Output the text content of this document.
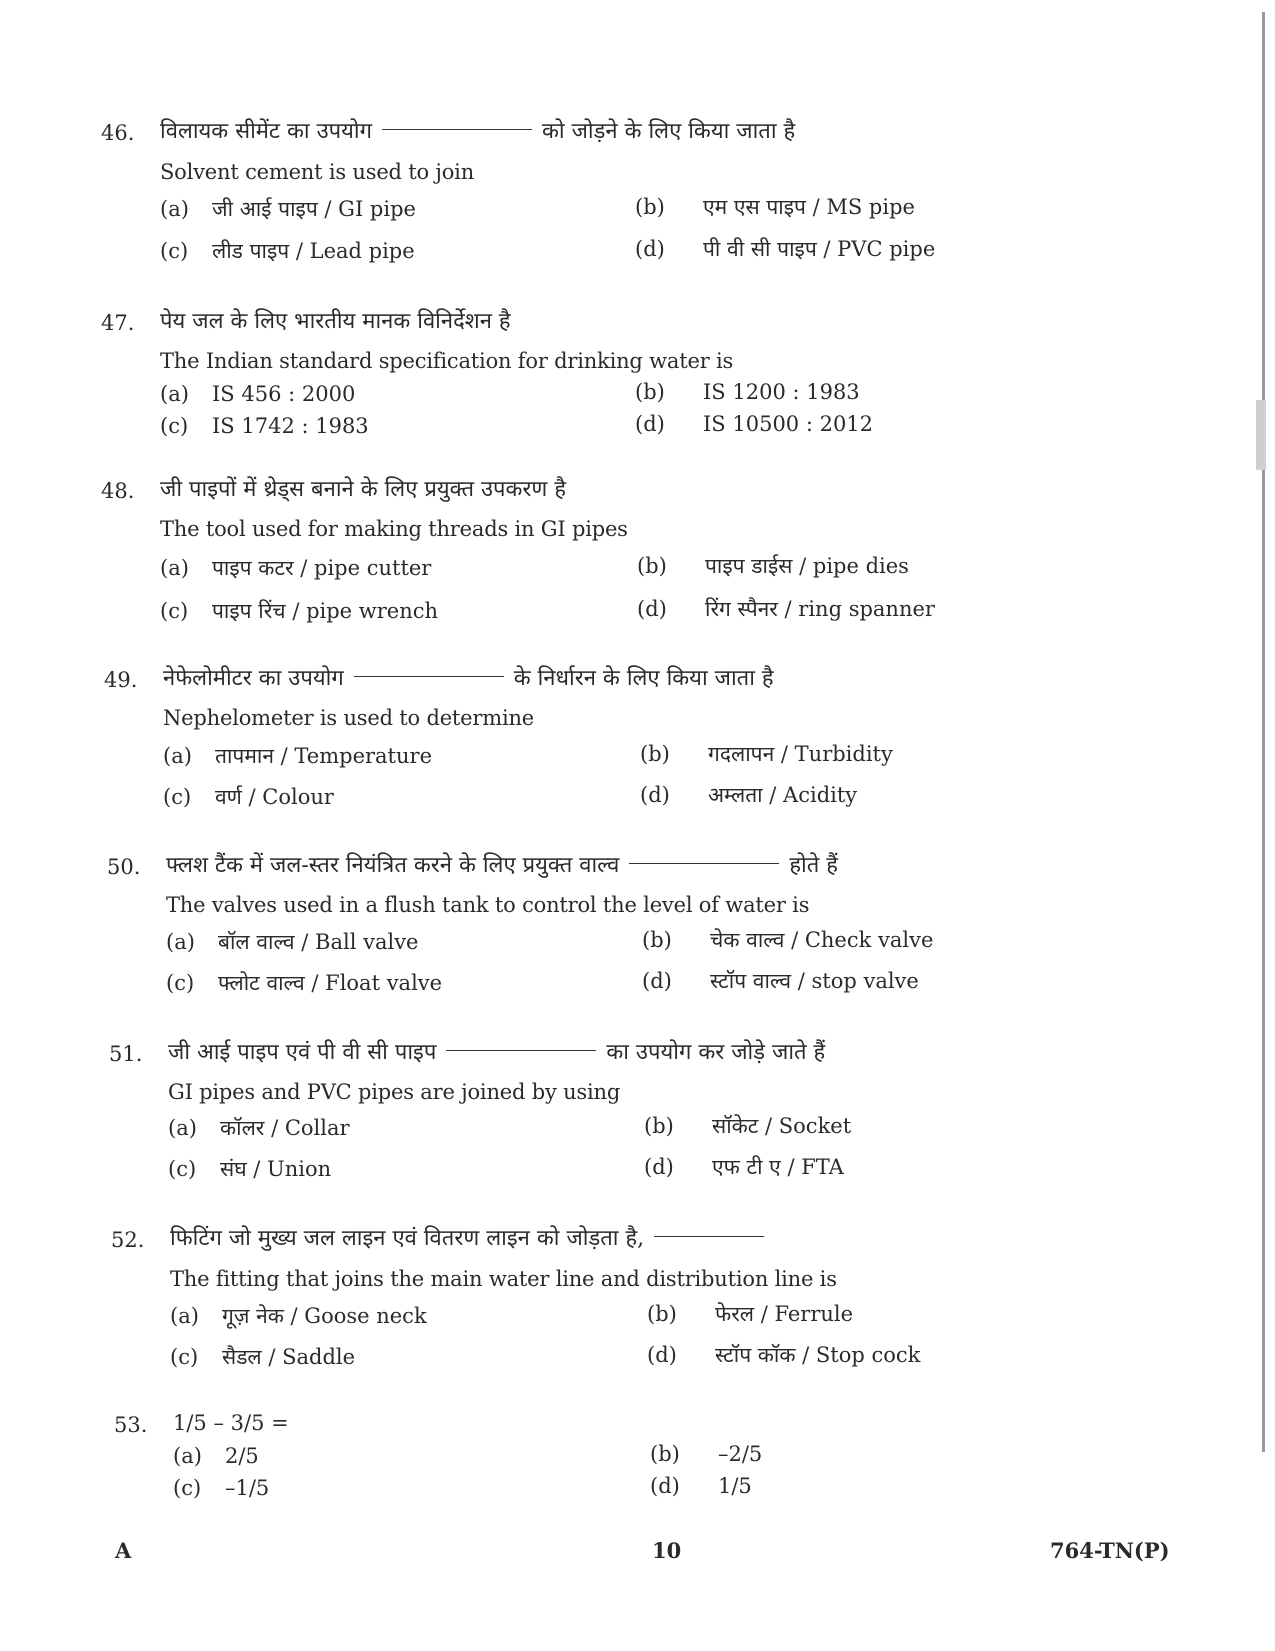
46. विलायक सीमेंट का उपयोग	को जोड़ने के लिए किया जाता है
Solvent cement is used to join
(a) जी आई पाइप / GI pipe	(b) एम एस पाइप / MS pipe
(c) लीड पाइप / Lead pipe	(d) पी वी सी पाइप / PVC pipe
47. पेय जल के लिए भारतीय मानक विनिर्देशन है
The Indian standard specification for drinking water is
(a) IS 456 : 2000	(b) IS 1200 : 1983
(c) IS 1742 : 1983	(d) IS 10500 : 2012
48. जी पाइपों में थ्रेड्स बनाने के लिए प्रयुक्त उपकरण है
The tool used for making threads in GI pipes
(a) पाइप कटर / pipe cutter	(b) पाइप डाईस / pipe dies
(c) पाइप रिंच / pipe wrench	(d) रिंग स्पैनर / ring spanner
49. नेफेलोमीटर का उपयोग	के निर्धारन के लिए किया जाता है
Nephelometer is used to determine
(a) तापमान / Temperature	(b) गदलापन / Turbidity
(c) वर्ण / Colour	(d) अम्लता / Acidity
50. फ्लश टैंक में जल-स्तर नियंत्रित करने के लिए प्रयुक्त वाल्व	होते हैं
The valves used in a flush tank to control the level of water is
(a) बॉल वाल्व / Ball valve	(b) चेक वाल्व / Check valve
(c) फ्लोट वाल्व / Float valve	(d) स्टॉप वाल्व / stop valve
51. जी आई पाइप एवं पी वी सी पाइप	का उपयोग कर जोड़े जाते हैं
GI pipes and PVC pipes are joined by using
(a) कॉलर / Collar	(b) सॉकेट / Socket
(c) संघ / Union	(d) एफ टी ए / FTA
52. फिटिंग जो मुख्य जल लाइन एवं वितरण लाइन को जोड़ता है,
The fitting that joins the main water line and distribution line is
(a) गूज़ नेक / Goose neck	(b) फेरल / Ferrule
(c) सैडल / Saddle	(d) स्टॉप कॉक / Stop cock
53. 1/5 – 3/5 =
(a) 2/5	(b) –2/5
(c) –1/5	(d) 1/5
A	10	764-TN(P)
